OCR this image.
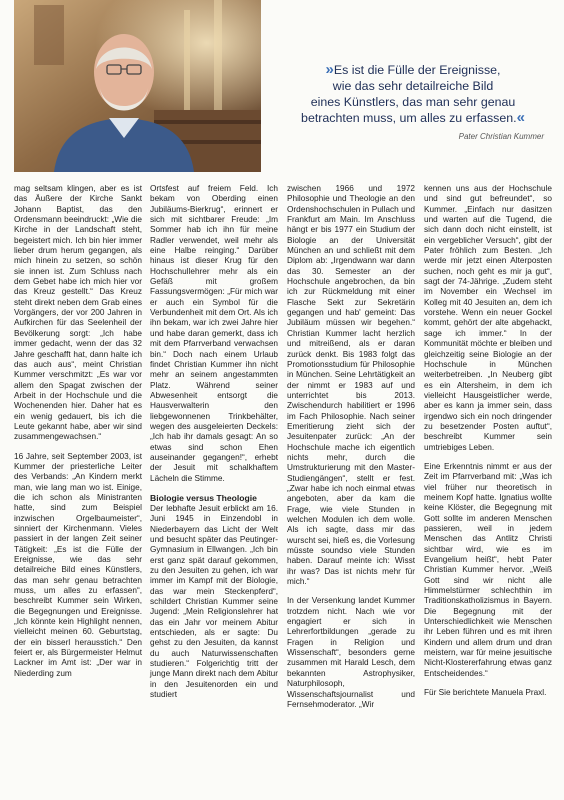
»Es ist die Fülle der Ereignisse,
wie das sehr detailreiche Bild
eines Künstlers, das man sehr genau
betrachten muss, um alles zu erfassen.«

Pater Christian Kummer

mag seltsam klingen, aber es ist das Äußere der Kirche Sankt Johann Baptist, das den Ordensmann beeindruckt: „Wie die Kirche in der Landschaft steht, begeistert mich. Ich bin hier immer lieber drum herum gegangen, als mich hinein zu setzen, so schön sie innen ist. Zum Schluss nach dem Gebet habe ich mich hier vor das Kreuz gestellt.“ Das Kreuz steht direkt neben dem Grab eines Vorgängers, der vor 200 Jahren in Aufkirchen für das Seelenheil der Bevölkerung sorgt: „Ich habe immer gedacht, wenn der das 32 Jahre geschafft hat, dann halte ich das auch aus“, meint Christian Kummer verschmitzt: „Es war vor allem den Spagat zwischen der Arbeit in der Hochschule und die Wochenenden hier. Daher hat es ein wenig gedauert, bis ich die Leute gekannt habe, aber wir sind zusammengewachsen.“

16 Jahre, seit September 2003, ist Kummer der priesterliche Leiter des Verbands: „An Kindern merkt man, wie lang man wo ist. Einige, die ich schon als Ministranten hatte, sind zum Beispiel inzwischen Orgelbaumeister“, sinniert der Kirchenmann. Vieles passiert in der langen Zeit seiner Tätigkeit: „Es ist die Fülle der Ereignisse, wie das sehr detailreiche Bild eines Künstlers, das man sehr genau betrachten muss, um alles zu erfassen“, beschreibt Kummer sein Wirken, die Begegnungen und Ereignisse. „Ich könnte kein Highlight nennen, vielleicht meinen 60. Geburtstag, der ein bisserl herausstich.“ Den feiert er, als Bürgermeister Helmut Lackner im Amt ist: „Der war in Niederding zum

Ortsfest auf freiem Feld. Ich bekam von Oberding einen Jubiläums-Bierkrug“, erinnert er sich mit sichtbarer Freude: „Im Sommer hab ich ihn für meine Radler verwendet, weil mehr als eine Halbe reinging.“ Darüber hinaus ist dieser Krug für den Hochschullehrer mehr als ein Gefäß mit großem Fassungsvermögen: „Für mich war er auch ein Symbol für die Verbundenheit mit dem Ort. Als ich ihn bekam, war ich zwei Jahre hier und habe daran gemerkt, dass ich mit dem Pfarrverband verwachsen bin.“ Doch nach einem Urlaub findet Christian Kummer ihn nicht mehr an seinem angestammten Platz. Während seiner Abwesenheit entsorgt die Hausverwalterin den liebgewonnenen Trinkbehälter, wegen des ausgeleierten Deckels: „Ich hab ihr damals gesagt: An so etwas sind schon Ehen auseinander gegangen!“, erhebt der Jesuit mit schalkhaftem Lächeln die Stimme.

Biologie versus Theologie

Der lebhafte Jesuit erblickt am 16. Juni 1945 in Einzendobl in Niederbayern das Licht der Welt und besucht später das Peutinger-Gymnasium in Ellwangen. „Ich bin erst ganz spät darauf gekommen, zu den Jesuiten zu gehen, ich war immer im Kampf mit der Biologie, das war mein Steckenpferd“, schildert Christian Kummer seine Jugend: „Mein Religionslehrer hat das ein Jahr vor meinem Abitur entschieden, als er sagte: Du gehst zu den Jesuiten, da kannst du auch Naturwissenschaften studieren.“ Folgerichtig tritt der junge Mann direkt nach dem Abitur in den Jesuitenorden ein und studiert

zwischen 1966 und 1972 Philosophie und Theologie an den Ordenshochschulen in Pullach und Frankfurt am Main. Im Anschluss hängt er bis 1977 ein Studium der Biologie an der Universität München an und schließt mit dem Diplom ab: „Irgendwann war dann das 30. Semester an der Hochschule angebrochen, da bin ich zur Rückmeldung mit einer Flasche Sekt zur Sekretärin gegangen und hab' gemeint: Das Jubiläum müssen wir begehen.“ Christian Kummer lacht herzlich und mitreißend, als er daran zurück denkt. Bis 1983 folgt das Promotionsstudium für Philosophie in München. Seine Lehrtätigkeit an der nimmt er 1983 auf und unterrichtet bis 2013. Zwischendurch habilitiert er 1996 im Fach Philosophie. Nach seiner Emeritierung zieht sich der Jesuitenpater zurück: „An der Hochschule mache ich eigentlich nichts mehr, durch die Umstrukturierung mit den Master-Studiengängen“, stellt er fest. „Zwar habe ich noch einmal etwas angeboten, aber da kam die Frage, wie viele Stunden in welchen Modulen ich dem wolle. Als ich sagte, dass mir das wurscht sei, hieß es, die Vorlesung müsste soundso viele Stunden haben. Darauf meinte ich: Wisst ihr was? Das ist nichts mehr für mich.“

In der Versenkung landet Kummer trotzdem nicht. Nach wie vor engagiert er sich in Lehrerfortbildungen „gerade zu Fragen in Religion und Wissenschaft“, besonders gerne zusammen mit Harald Lesch, dem bekannten Astrophysiker, Naturphilosoph, Wissenschaftsjournalist und Fernsehmoderator. „Wir

kennen uns aus der Hochschule und sind gut befreundet“, so Kummer. „Einfach nur dasitzen und warten auf die Tugend, die sich dann doch nicht einstellt, ist ein vergeblicher Versuch“, gibt der Pater fröhlich zum Besten. „Ich werde mir jetzt einen Alterposten suchen, noch geht es mir ja gut“, sagt der 74-Jährige. „Zudem steht im November ein Wechsel im Kolleg mit 40 Jesuiten an, dem ich vorstehe. Wenn ein neuer Gockel kommt, gehört der alte abgehackt, sage ich immer.“ In der Kommunität möchte er bleiben und gleichzeitig seine Biologie an der Hochschule in München weiterbetreiben. „In Neuberg gibt es ein Altersheim, in dem ich vielleicht Hausgeistlicher werde, aber es kann ja immer sein, dass irgendwo sich ein noch dringender zu besetzender Posten auftut“, beschreibt Kummer sein umtriebiges Leben.

Eine Erkenntnis nimmt er aus der Zeit im Pfarrverband mit: „Was ich viel früher nur theoretisch in meinem Kopf hatte. Ignatius wollte keine Klöster, die Begegnung mit Gott sollte im anderen Menschen passieren, weil in jedem Menschen das Antlitz Christi sichtbar wird, wie es im Evangelium heißt“, hebt Pater Christian Kummer hervor. „Weiß Gott sind wir nicht alle Himmelstürmer schlechthin im Traditionskatholizismus in Bayern. Die Begegnung mit der Unterschiedlichkeit wie Menschen ihr Leben führen und es mit ihren Kindern und allem drum und dran meistern, war für meine jesuitische Nicht-Klostererfahrung etwas ganz Entscheidendes.“

Für Sie berichtete Manuela Praxl.
